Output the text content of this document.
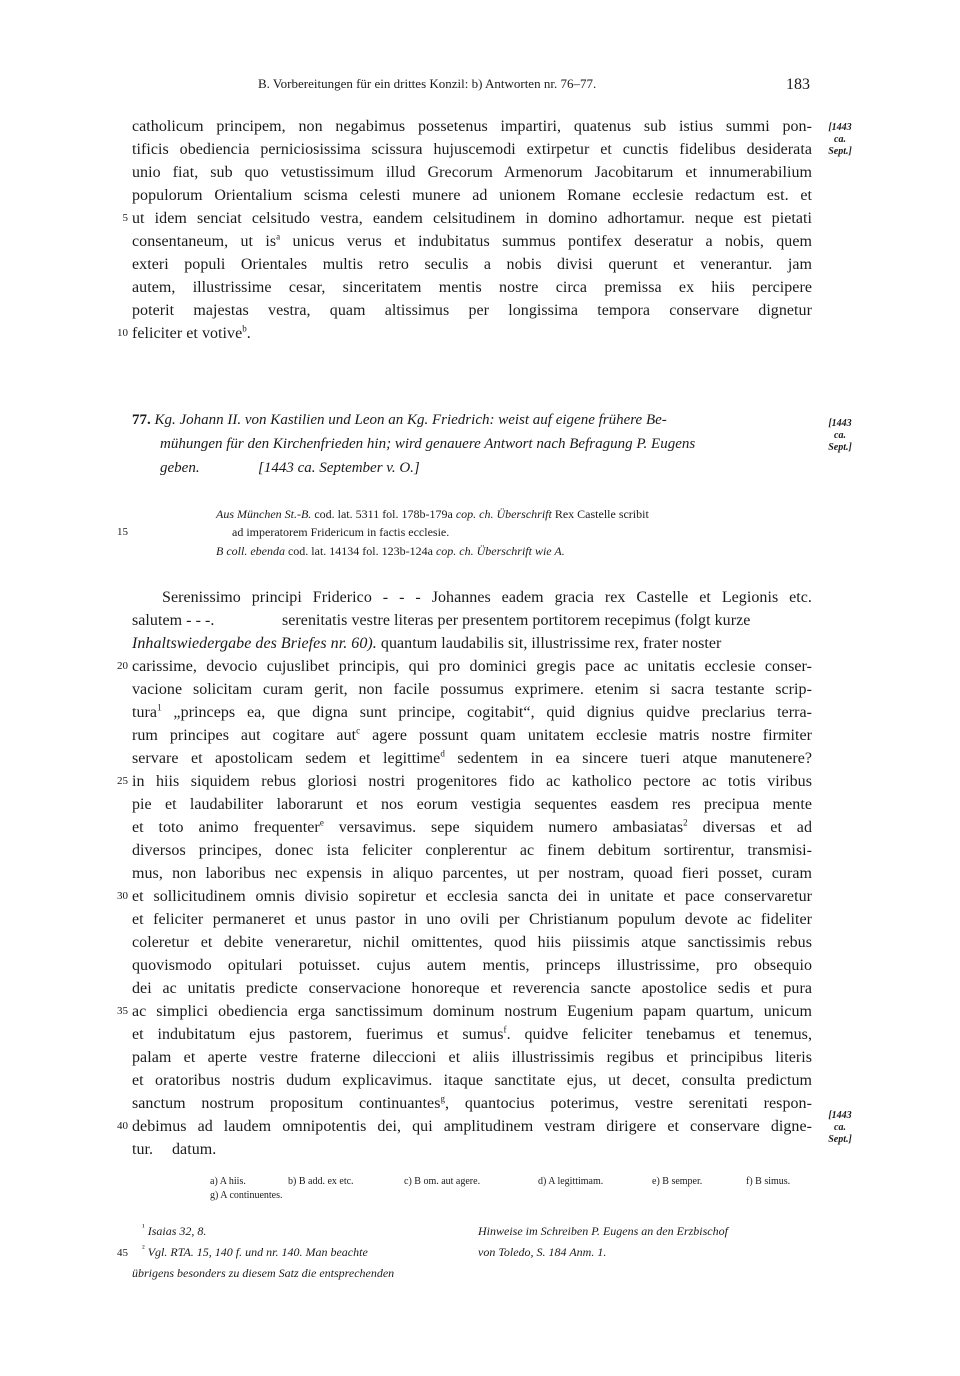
B. Vorbereitungen für ein drittes Konzil: b) Antworten nr. 76–77.	183
catholicum principem, non negabimus possetenus impartiri, quatenus sub istius summi pon-
tificis obediencia perniciosissima scissura hujuscemodi extirpetur et cunctis fidelibus desiderata
unio fiat, sub quo vetustissimum illud Grecorum Armenorum Jacobitarum et innumerabilium
populorum Orientalium scisma celesti munere ad unionem Romane ecclesie redactum est. et
5 ut idem senciat celsitudo vestra, eandem celsitudinem in domino adhortamur. neque est pietati
consentaneum, ut $is^a$ unicus verus et indubitatus summus pontifex deseratur a nobis, quem
exteri populi Orientales multis retro seculis a nobis divisi querunt et venerantur. jam
autem, illustrissime cesar, sinceritatem mentis nostre circa premissa ex hiis percipere
poterit majestas vestra, quam altissimus per longissima tempora conservare dignetur
10 feliciter et votive$^b$.
[1443
ca.
Sept.]
77. Kg. Johann II. von Kastilien und Leon an Kg. Friedrich: weist auf eigene frühere Be-
mühungen für den Kirchenfrieden hin; wird genauere Antwort nach Befragung P. Eugens
geben.	[1443 ca. September v. O.]
[1443
ca.
Sept.]
Aus München St.-B. cod. lat. 5311 fol. 178b-179a cop. ch. Überschrift Rex Castelle scribit
15	ad imperatorem Fridericum in factis ecclesie.
B coll. ebenda cod. lat. 14134 fol. 123b-124a cop. ch. Überschrift wie A.
Serenissimo principi Friderico - - - Johannes eadem gracia rex Castelle et Legionis etc.
salutem - - -.	serenitatis vestre literas per presentem portitorem recepimus (folgt kurze
Inhaltswiedergabe des Briefes nr. 60). quantum laudabilis sit, illustrissime rex, frater noster
20 carissime, devocio cujuslibet principis, qui pro dominici gregis pace ac unitatis ecclesie conser-
vacione solicitam curam gerit, non facile possumus exprimere. etenim si sacra testante scrip-
tura$^1$ „princeps ea, que digna sunt principe, cogitabit“, quid dignius quidve preclarius terra-
rum principes aut cogitare aut$^c$ agere possunt quam unitatem ecclesie matris nostre firmiter
servare et apostolicam sedem et legittime$^d$ sedentem in ea sincere tueri atque manutenere?
25 in hiis siquidem rebus gloriosi nostri progenitores fido ac katholico pectore ac totis viribus
pie et laudabiliter laborarunt et nos eorum vestigia sequentes easdem res precipua mente
et toto animo frequenter$^e$ versavimus. sepe siquidem numero ambasiatas$^2$ diversas et ad
diversos principes, donec ista feliciter conplerentur ac finem debitum sortirentur, transmisi-
mus, non laboribus nec expensis in aliquo parcentes, ut per nostram, quoad fieri posset, curam
30 et sollicitudinem omnis divisio sopiretur et ecclesia sancta dei in unitate et pace conservaretur
et feliciter permaneret et unus pastor in uno ovili per Christianum populum devote ac fideliter
coleretur et debite veneraretur, nichil omittentes, quod hiis piissimis atque sanctissimis rebus
quovismodo opitulari potuisset. cujus autem mentis, princeps illustrissime, pro obsequio
dei ac unitatis predicte conservacione honoreque et reverencia sancte apostolice sedis et pura
35 ac simplici obediencia erga sanctissimum dominum nostrum Eugenium papam quartum, unicum
et indubitatum ejus pastorem, fuerimus et sumus$^f$. quidve feliciter tenebamus et tenemus,
palam et aperte vestre fraterne dileccioni et aliis illustrissimis regibus et principibus literis
et oratoribus nostris dudum explicavimus. itaque sanctitate ejus, ut decet, consulta predictum
sanctum nostrum propositum continuantes$^g$, quantocius poterimus, vestre serenitati respon-
40 debimus ad laudem omnipotentis dei, qui amplitudinem vestram dirigere et conservare digne-
tur. datum.
[1443
ca.
Sept.]
a) A hiis.	b) B add. ex etc.	c) B om. aut agere.	d) A legittimam.	e) B semper.	f) B simus.
g) A continuentes.
$^{^1}$ Isaias 32, 8.
45 $^{^2}$ Vgl. RTA. 15, 140 f. und nr. 140. Man beachte
übrigens besonders zu diesem Satz die entsprechenden
Hinweise im Schreiben P. Eugens an den Erzbischof
von Toledo, S. 184 Anm. 1.
